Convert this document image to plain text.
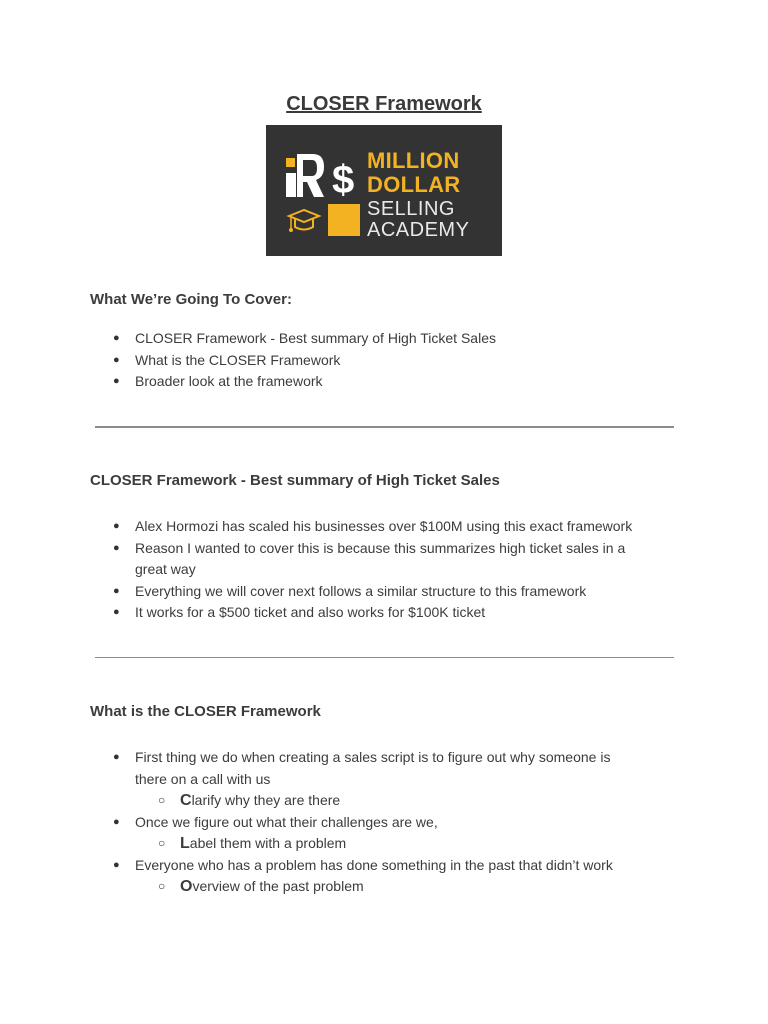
CLOSER Framework
$ MILLION
DOLLAR
SELLING
ACADEMY
What We’re Going To Cover:
● CLOSER Framework - Best summary of High Ticket Sales
● What is the CLOSER Framework
● Broader look at the framework
CLOSER Framework - Best summary of High Ticket Sales
● Alex Hormozi has scaled his businesses over $100M using this exact framework
● Reason I wanted to cover this is because this summarizes high ticket sales in a
great way
● Everything we will cover next follows a similar structure to this framework
● It works for a $500 ticket and also works for $100K ticket
What is the CLOSER Framework
● First thing we do when creating a sales script is to figure out why someone is
there on a call with us
○ Clarify why they are there
● Once we figure out what their challenges are we,
○ Label them with a problem
● Everyone who has a problem has done something in the past that didn’t work
○ Overview of the past problem
